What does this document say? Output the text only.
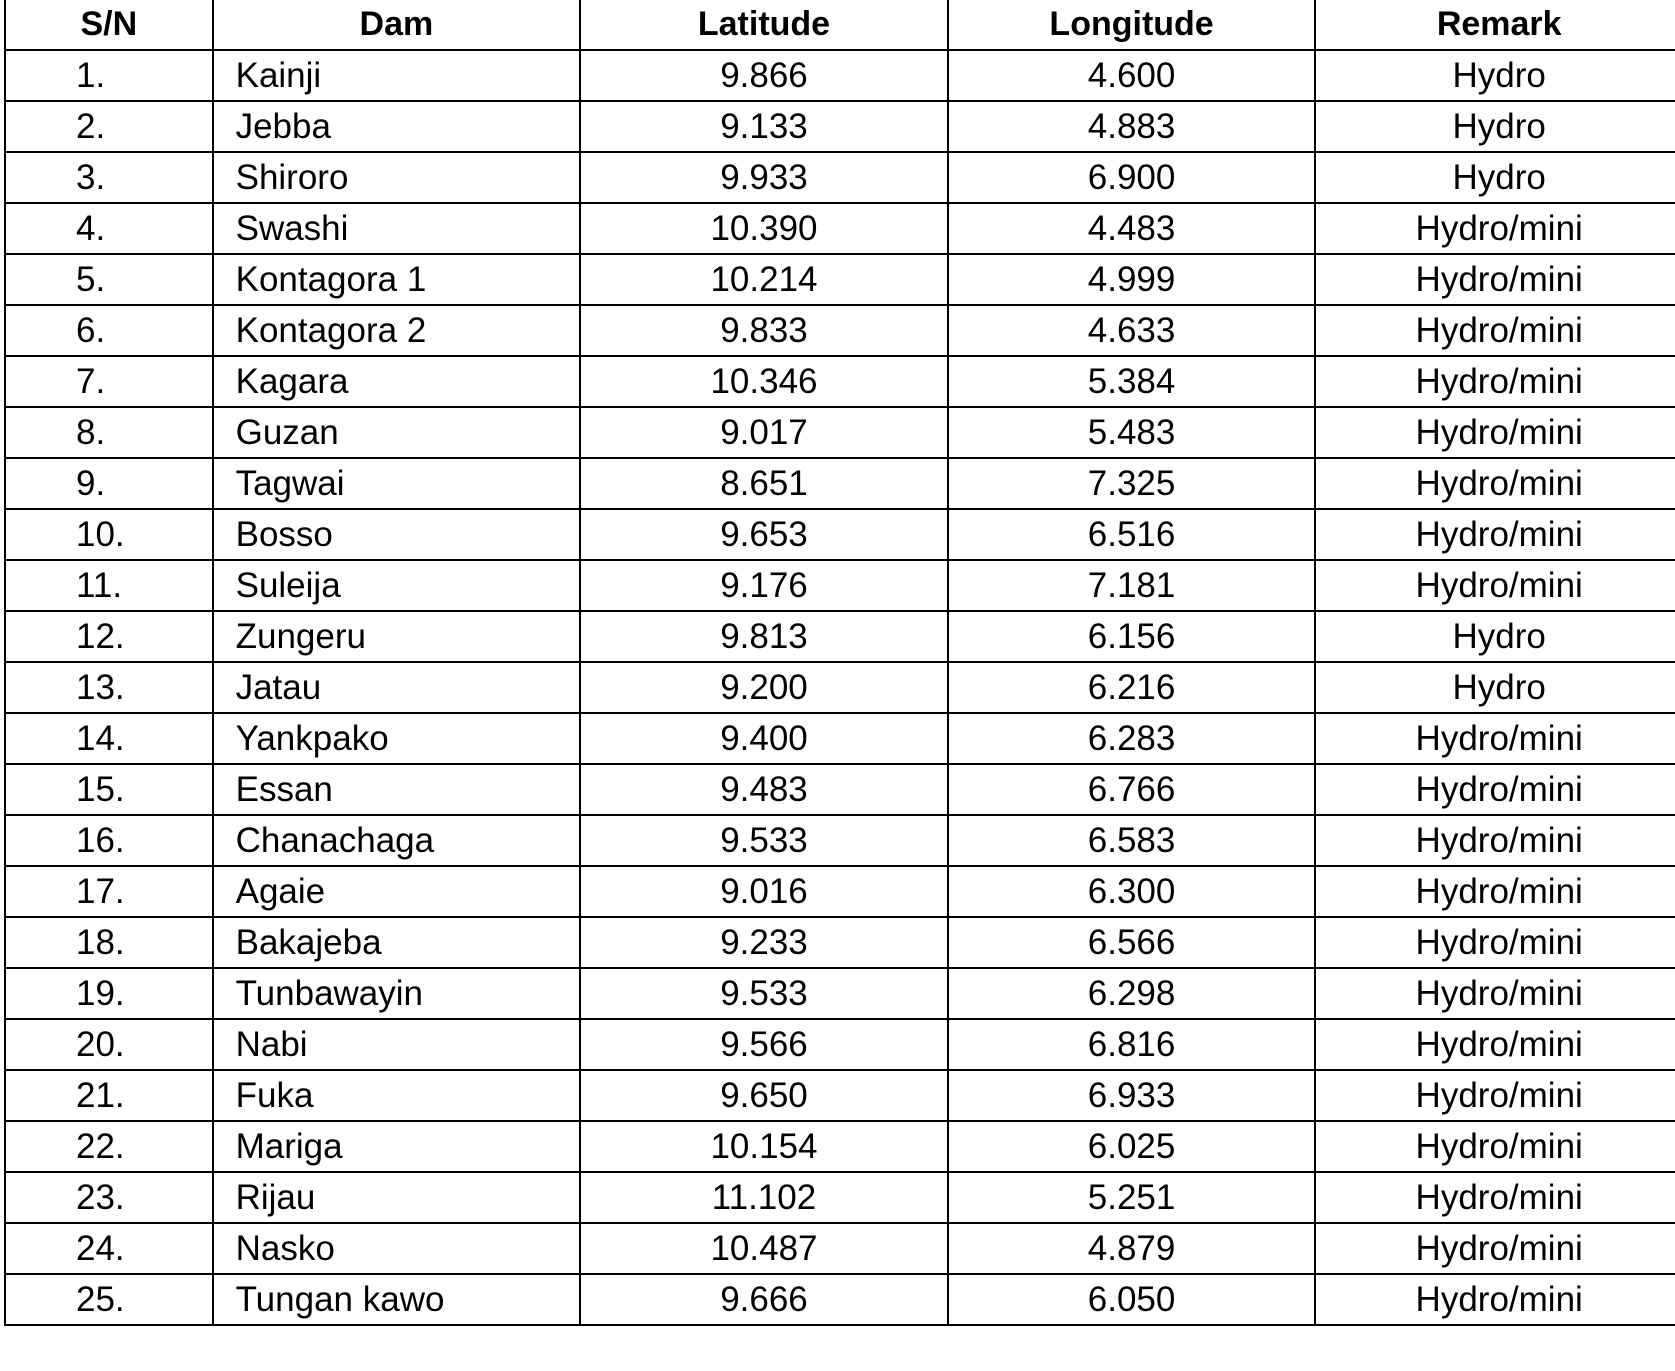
S/N	Dam	Latitude	Longitude	Remark
1.	Kainji	9.866	4.600	Hydro
2.	Jebba	9.133	4.883	Hydro
3.	Shiroro	9.933	6.900	Hydro
4.	Swashi	10.390	4.483	Hydro/mini
5.	Kontagora 1	10.214	4.999	Hydro/mini
6.	Kontagora 2	9.833	4.633	Hydro/mini
7.	Kagara	10.346	5.384	Hydro/mini
8.	Guzan	9.017	5.483	Hydro/mini
9.	Tagwai	8.651	7.325	Hydro/mini
10.	Bosso	9.653	6.516	Hydro/mini
11.	Suleija	9.176	7.181	Hydro/mini
12.	Zungeru	9.813	6.156	Hydro
13.	Jatau	9.200	6.216	Hydro
14.	Yankpako	9.400	6.283	Hydro/mini
15.	Essan	9.483	6.766	Hydro/mini
16.	Chanachaga	9.533	6.583	Hydro/mini
17.	Agaie	9.016	6.300	Hydro/mini
18.	Bakajeba	9.233	6.566	Hydro/mini
19.	Tunbawayin	9.533	6.298	Hydro/mini
20.	Nabi	9.566	6.816	Hydro/mini
21.	Fuka	9.650	6.933	Hydro/mini
22.	Mariga	10.154	6.025	Hydro/mini
23.	Rijau	11.102	5.251	Hydro/mini
24.	Nasko	10.487	4.879	Hydro/mini
25.	Tungan kawo	9.666	6.050	Hydro/mini
